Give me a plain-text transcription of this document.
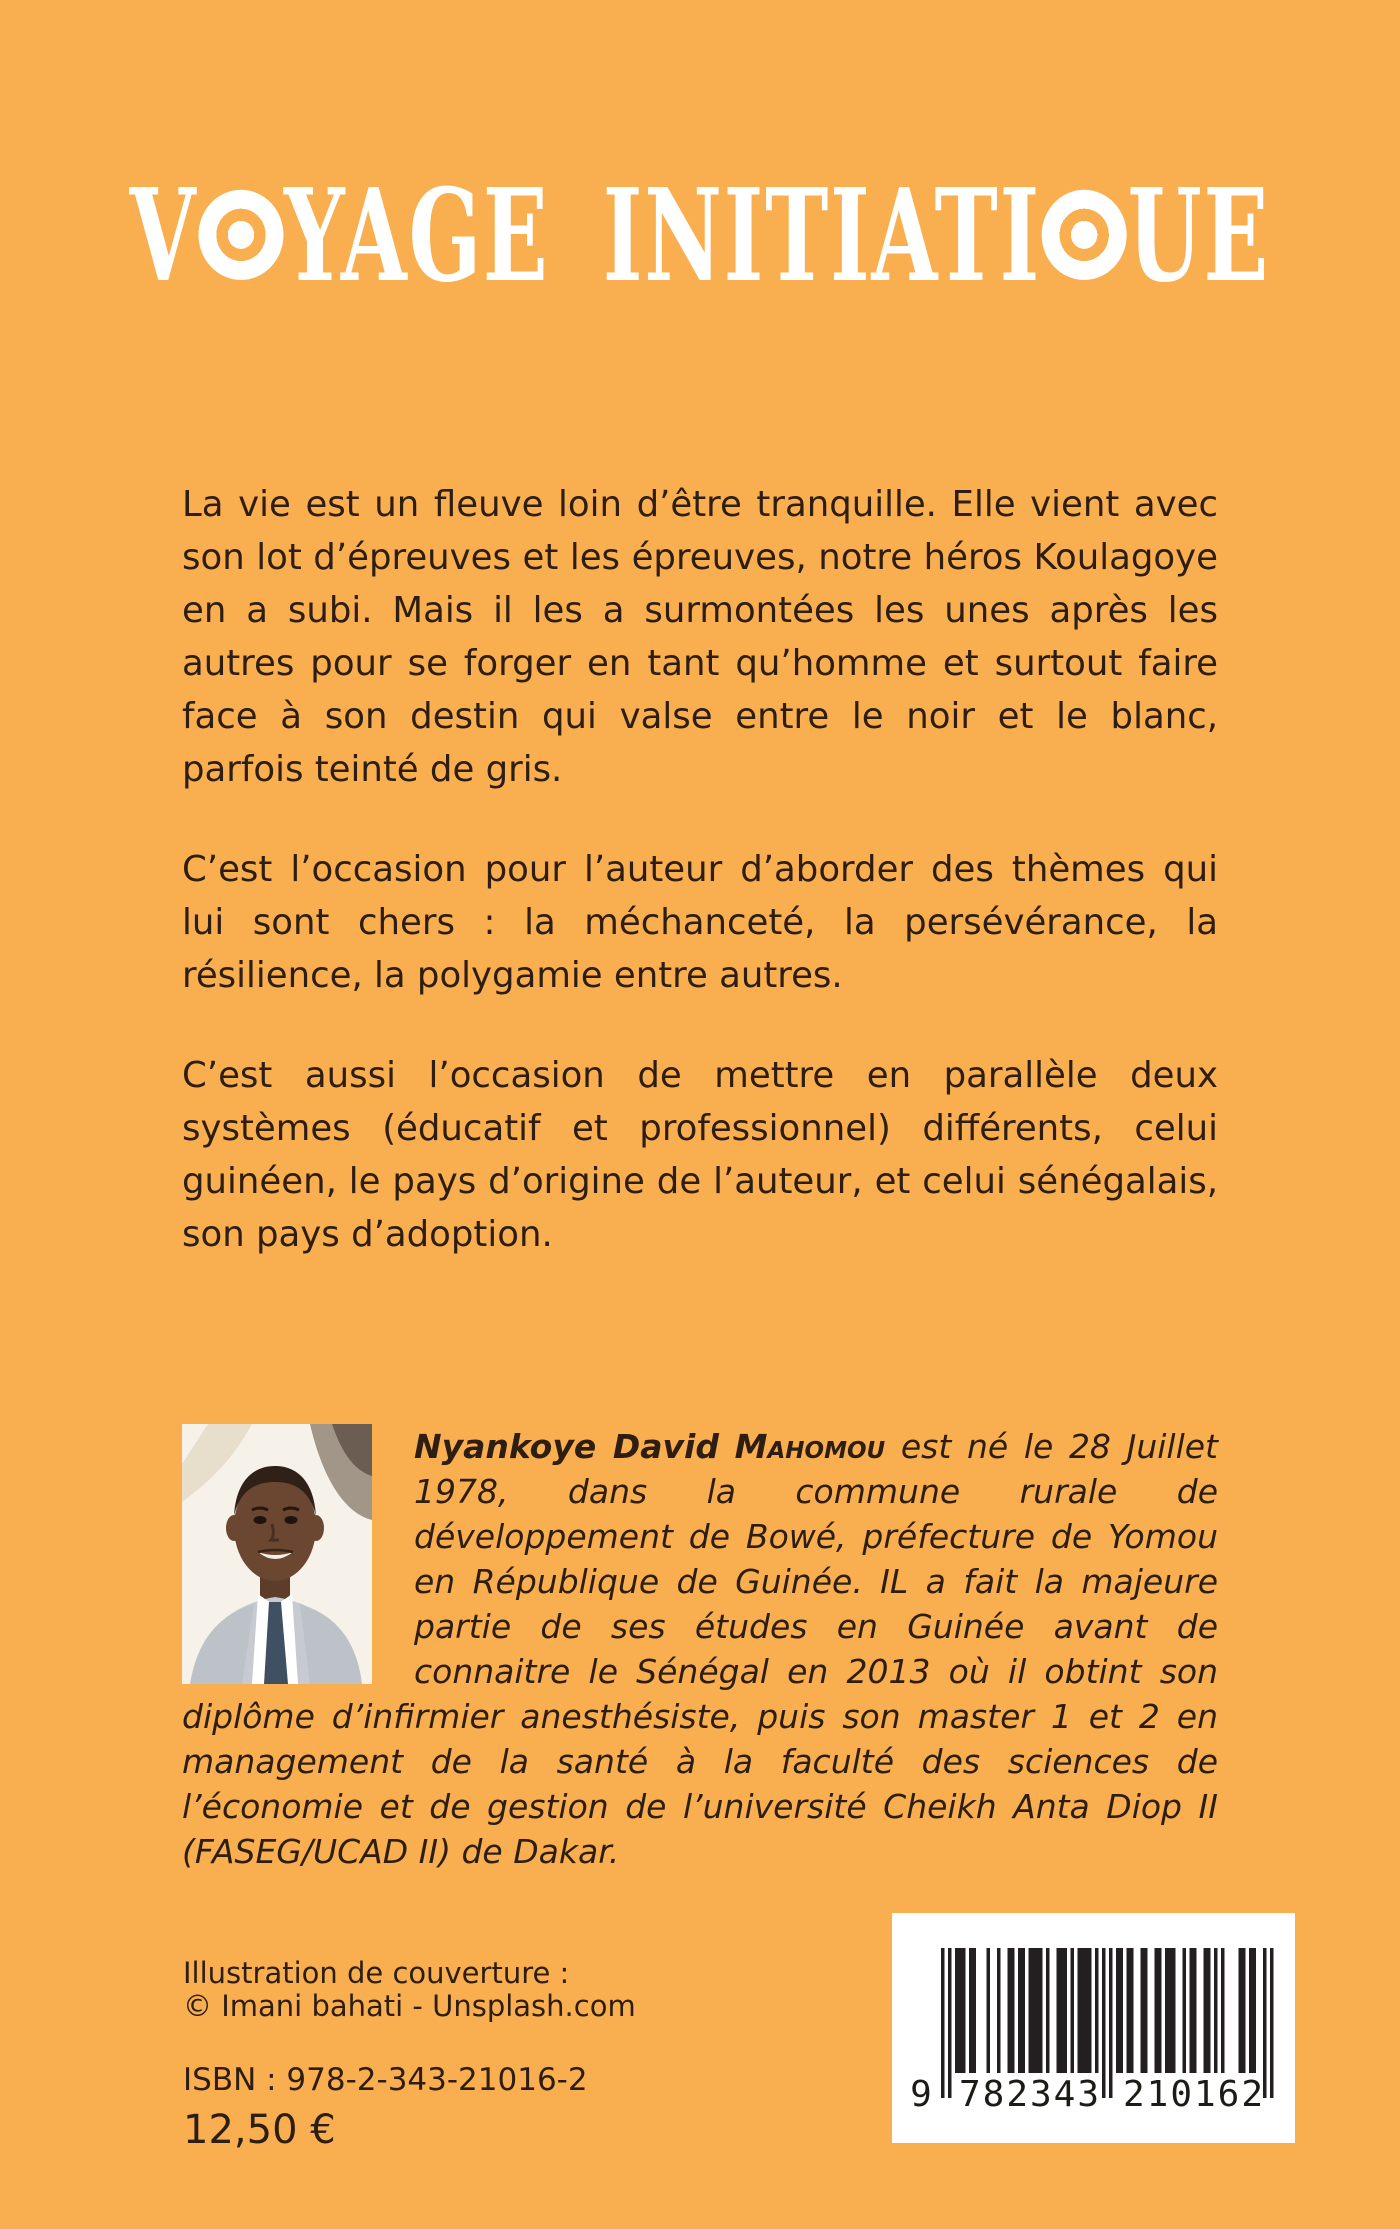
V YAGE INITIATI UE

La vie est un fleuve loin d’être tranquille. Elle vient avec son lot d’épreuves et les épreuves, notre héros Koulagoye en a subi. Mais il les a surmontées les unes après les autres pour se forger en tant qu’homme et surtout faire face à son destin qui valse entre le noir et le blanc, parfois teinté de gris.

C’est l’occasion pour l’auteur d’aborder des thèmes qui lui sont chers : la méchanceté, la persévérance, la résilience, la polygamie entre autres.

C’est aussi l’occasion de mettre en parallèle deux systèmes (éducatif et professionnel) différents, celui guinéen, le pays d’origine de l’auteur, et celui sénégalais, son pays d’adoption.

Nyankoye David Mahomou est né le 28 Juillet 1978, dans la commune rurale de développement de Bowé, préfecture de Yomou en République de Guinée. IL a fait la majeure partie de ses études en Guinée avant de connaitre le Sénégal en 2013 où il obtint son diplôme d’infirmier anesthésiste, puis son master 1 et 2 en management de la santé à la faculté des sciences de l’économie et de gestion de l’université Cheikh Anta Diop II (FASEG/UCAD II) de Dakar.

Illustration de couverture :
© Imani bahati - Unsplash.com
ISBN : 978-2-343-21016-2
12,50 €
9 782343 210162
